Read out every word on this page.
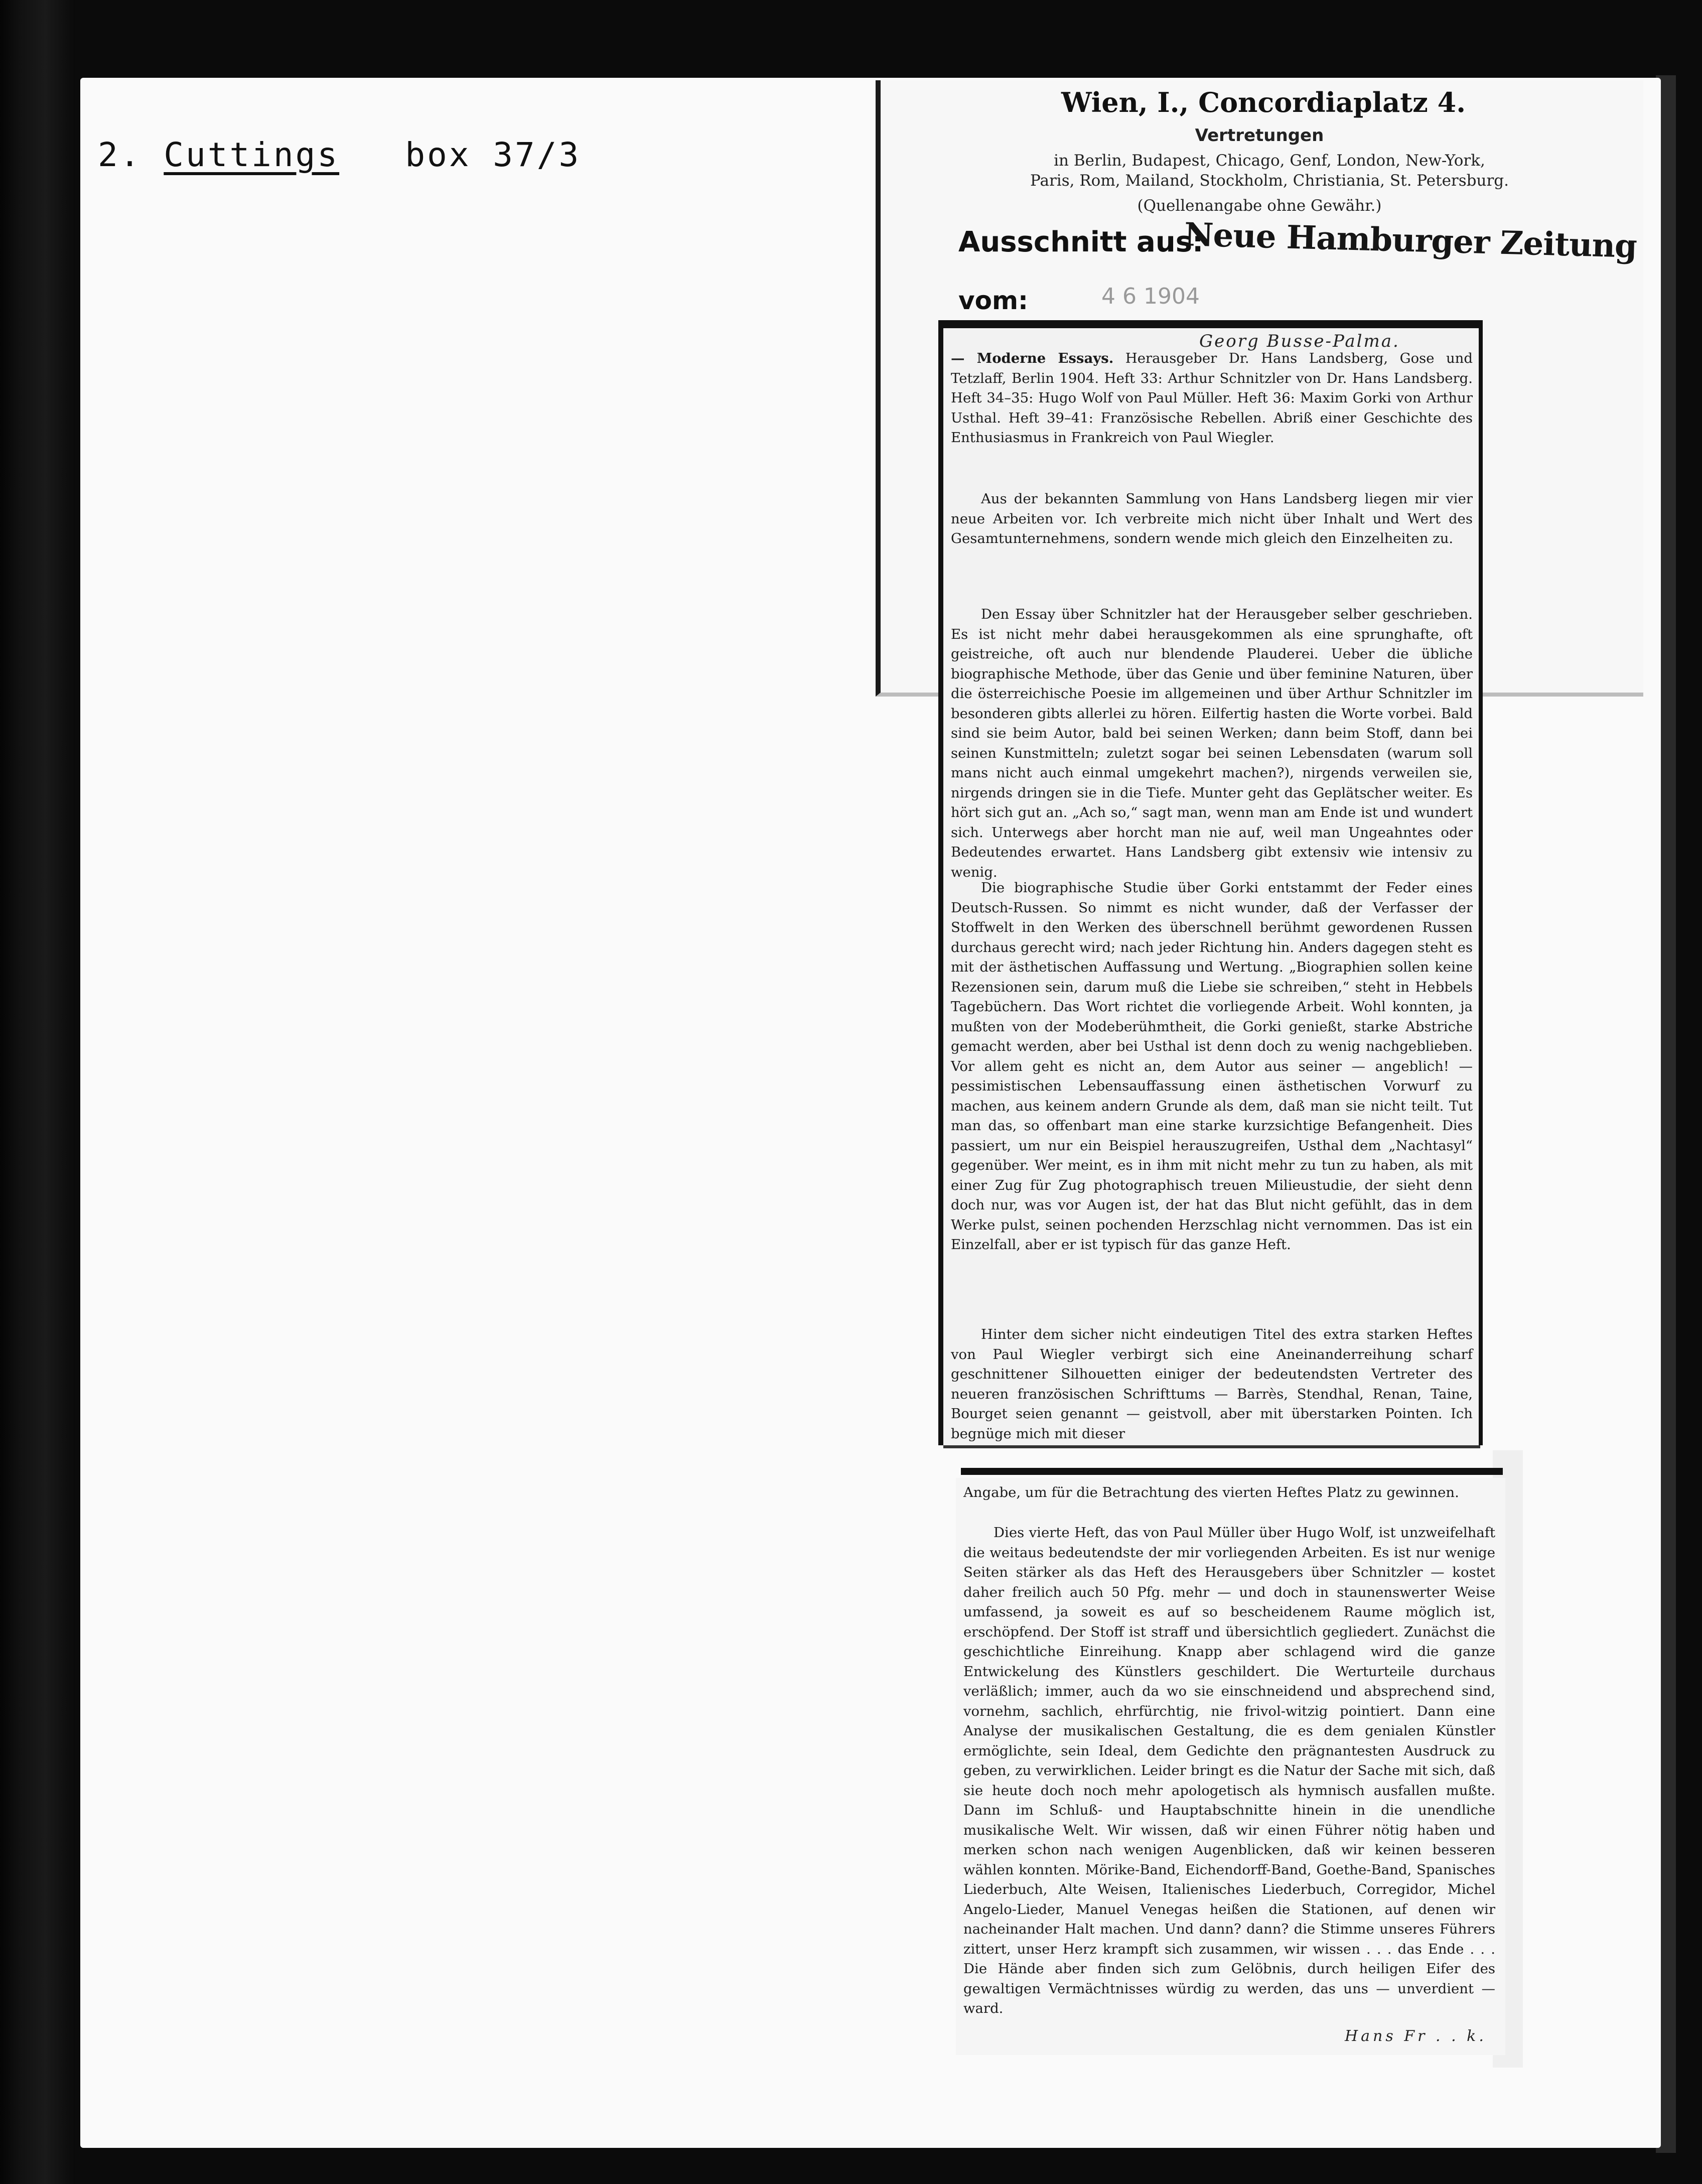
2. Cuttings box 37/3
Wien, I., Concordiaplatz 4.
Vertretungen
in Berlin, Budapest, Chicago, Genf, London, New-York,
Paris, Rom, Mailand, Stockholm, Christiania, St. Petersburg.
(Quellenangabe ohne Gewähr.)
Ausschnitt aus:
Neue Hamburger Zeitung
vom:	4 6 1904
Georg Busse-Palma.

— Moderne Essays. Herausgeber Dr. Hans Landsberg, Gose und Tetzlaff, Berlin 1904. Heft 33: Arthur Schnitzler von Dr. Hans Landsberg. Heft 34–35: Hugo Wolf von Paul Müller. Heft 36: Maxim Gorki von Arthur Usthal. Heft 39–41: Französische Rebellen. Abriß einer Geschichte des Enthusiasmus in Frankreich von Paul Wiegler.

Aus der bekannten Sammlung von Hans Landsberg liegen mir vier neue Arbeiten vor. Ich verbreite mich nicht über Inhalt und Wert des Gesamtunternehmens, sondern wende mich gleich den Einzelheiten zu.

Den Essay über Schnitzler hat der Herausgeber selber geschrieben. Es ist nicht mehr dabei herausgekommen als eine sprunghafte, oft geistreiche, oft auch nur blendende Plauderei. Ueber die übliche biographische Methode, über das Genie und über feminine Naturen, über die österreichische Poesie im allgemeinen und über Arthur Schnitzler im besonderen gibts allerlei zu hören. Eilfertig hasten die Worte vorbei. Bald sind sie beim Autor, bald bei seinen Werken; dann beim Stoff, dann bei seinen Kunstmitteln; zuletzt sogar bei seinen Lebensdaten (warum soll mans nicht auch einmal umgekehrt machen?), nirgends verweilen sie, nirgends dringen sie in die Tiefe. Munter geht das Geplätscher weiter. Es hört sich gut an. „Ach so,“ sagt man, wenn man am Ende ist und wundert sich. Unterwegs aber horcht man nie auf, weil man Ungeahntes oder Bedeutendes erwartet. Hans Landsberg gibt extensiv wie intensiv zu wenig.

Die biographische Studie über Gorki entstammt der Feder eines Deutsch-Russen. So nimmt es nicht wunder, daß der Verfasser der Stoffwelt in den Werken des überschnell berühmt gewordenen Russen durchaus gerecht wird; nach jeder Richtung hin. Anders dagegen steht es mit der ästhetischen Auffassung und Wertung. „Biographien sollen keine Rezensionen sein, darum muß die Liebe sie schreiben,“ steht in Hebbels Tagebüchern. Das Wort richtet die vorliegende Arbeit. Wohl konnten, ja mußten von der Modeberühmtheit, die Gorki genießt, starke Abstriche gemacht werden, aber bei Usthal ist denn doch zu wenig nachgeblieben. Vor allem geht es nicht an, dem Autor aus seiner — angeblich! — pessimistischen Lebensauffassung einen ästhetischen Vorwurf zu machen, aus keinem andern Grunde als dem, daß man sie nicht teilt. Tut man das, so offenbart man eine starke kurzsichtige Befangenheit. Dies passiert, um nur ein Beispiel herauszugreifen, Usthal dem „Nachtasyl“ gegenüber. Wer meint, es in ihm mit nicht mehr zu tun zu haben, als mit einer Zug für Zug photographisch treuen Milieustudie, der sieht denn doch nur, was vor Augen ist, der hat das Blut nicht gefühlt, das in dem Werke pulst, seinen pochenden Herzschlag nicht vernommen. Das ist ein Einzelfall, aber er ist typisch für das ganze Heft.

Hinter dem sicher nicht eindeutigen Titel des extra starken Heftes von Paul Wiegler verbirgt sich eine Aneinanderreihung scharf geschnittener Silhouetten einiger der bedeutendsten Vertreter des neueren französischen Schrifttums — Barrès, Stendhal, Renan, Taine, Bourget seien genannt — geistvoll, aber mit überstarken Pointen. Ich begnüge mich mit dieser

Angabe, um für die Betrachtung des vierten Heftes Platz zu gewinnen.

Dies vierte Heft, das von Paul Müller über Hugo Wolf, ist unzweifelhaft die weitaus bedeutendste der mir vorliegenden Arbeiten. Es ist nur wenige Seiten stärker als das Heft des Herausgebers über Schnitzler — kostet daher freilich auch 50 Pfg. mehr — und doch in staunenswerter Weise umfassend, ja soweit es auf so bescheidenem Raume möglich ist, erschöpfend. Der Stoff ist straff und übersichtlich gegliedert. Zunächst die geschichtliche Einreihung. Knapp aber schlagend wird die ganze Entwickelung des Künstlers geschildert. Die Werturteile durchaus verläßlich; immer, auch da wo sie einschneidend und absprechend sind, vornehm, sachlich, ehrfürchtig, nie frivol-witzig pointiert. Dann eine Analyse der musikalischen Gestaltung, die es dem genialen Künstler ermöglichte, sein Ideal, dem Gedichte den prägnantesten Ausdruck zu geben, zu verwirklichen. Leider bringt es die Natur der Sache mit sich, daß sie heute doch noch mehr apologetisch als hymnisch ausfallen mußte. Dann im Schluß- und Hauptabschnitte hinein in die unendliche musikalische Welt. Wir wissen, daß wir einen Führer nötig haben und merken schon nach wenigen Augenblicken, daß wir keinen besseren wählen konnten. Mörike-Band, Eichendorff-Band, Goethe-Band, Spanisches Liederbuch, Alte Weisen, Italienisches Liederbuch, Corregidor, Michel Angelo-Lieder, Manuel Venegas heißen die Stationen, auf denen wir nacheinander Halt machen. Und dann? dann? die Stimme unseres Führers zittert, unser Herz krampft sich zusammen, wir wissen . . . das Ende . . . Die Hände aber finden sich zum Gelöbnis, durch heiligen Eifer des gewaltigen Vermächtnisses würdig zu werden, das uns — unverdient — ward.

Hans Fr . . k.
